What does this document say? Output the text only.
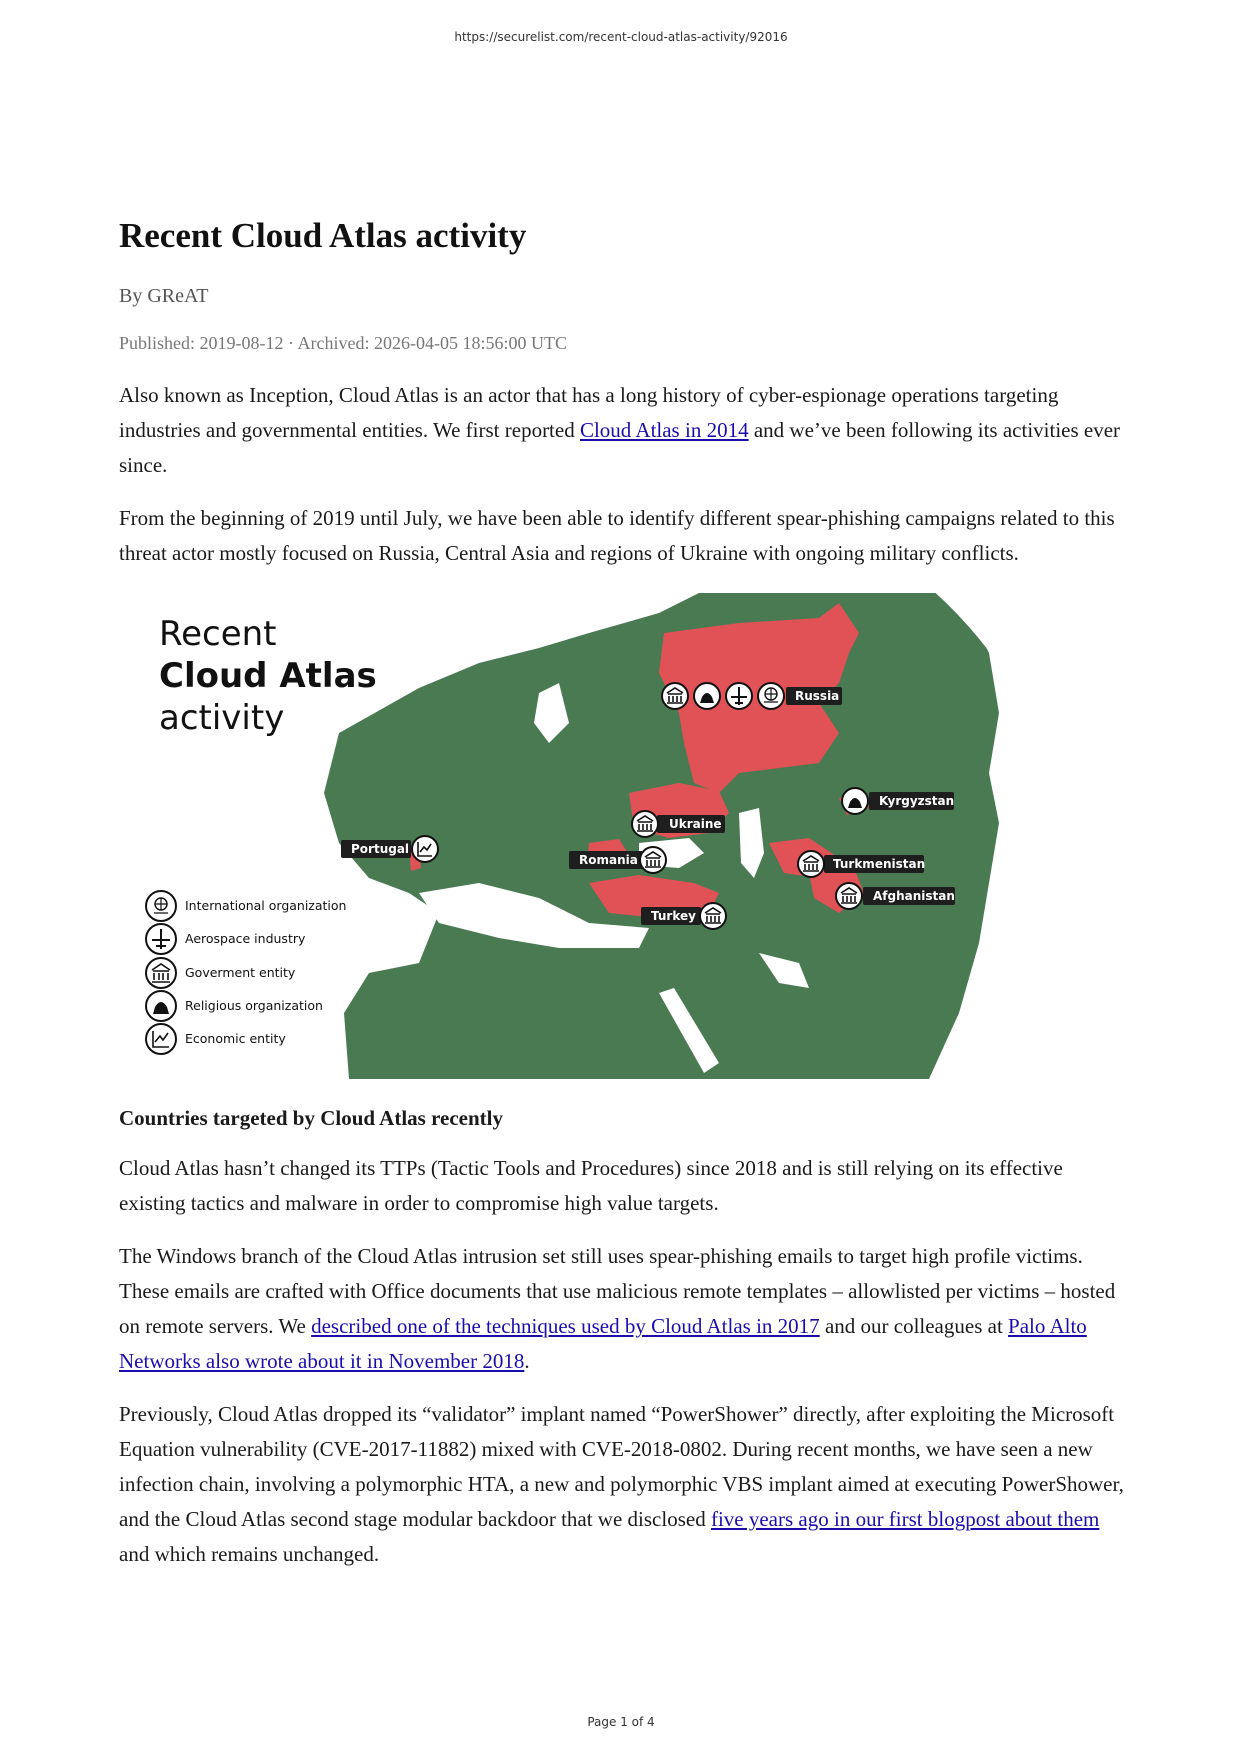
https://securelist.com/recent-cloud-atlas-activity/92016
Recent Cloud Atlas activity
By GReAT
Published: 2019-08-12 · Archived: 2026-04-05 18:56:00 UTC

Also known as Inception, Cloud Atlas is an actor that has a long history of cyber-espionage operations targeting industries and governmental entities. We first reported Cloud Atlas in 2014 and we’ve been following its activities ever since.

From the beginning of 2019 until July, we have been able to identify different spear-phishing campaigns related to this threat actor mostly focused on Russia, Central Asia and regions of Ukraine with ongoing military conflicts.

Recent
Cloud Atlas
activity
Russia
Kyrgyzstan
Ukraine
Portugal
Romania	Turkmenistan
Afghanistan
Turkey
International organization
Aerospace industry
Goverment entity
Religious organization
Economic entity
Countries targeted by Cloud Atlas recently

Cloud Atlas hasn’t changed its TTPs (Tactic Tools and Procedures) since 2018 and is still relying on its effective existing tactics and malware in order to compromise high value targets.

The Windows branch of the Cloud Atlas intrusion set still uses spear-phishing emails to target high profile victims. These emails are crafted with Office documents that use malicious remote templates – allowlisted per victims – hosted on remote servers. We described one of the techniques used by Cloud Atlas in 2017 and our colleagues at Palo Alto Networks also wrote about it in November 2018.

Previously, Cloud Atlas dropped its “validator” implant named “PowerShower” directly, after exploiting the Microsoft Equation vulnerability (CVE-2017-11882) mixed with CVE-2018-0802. During recent months, we have seen a new infection chain, involving a polymorphic HTA, a new and polymorphic VBS implant aimed at executing PowerShower, and the Cloud Atlas second stage modular backdoor that we disclosed five years ago in our first blogpost about them and which remains unchanged.

Page 1 of 4
